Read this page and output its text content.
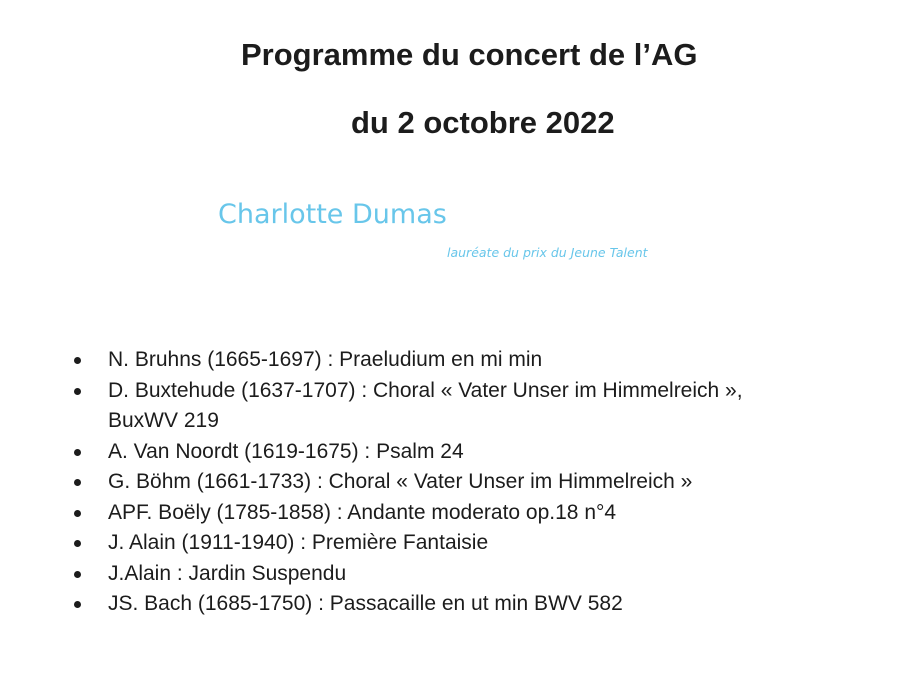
Programme du concert de l’AG
du 2 octobre 2022
Charlotte Dumas

lauréate du prix du Jeune Talent

N. Bruhns (1665-1697) : Praeludium en mi min
D. Buxtehude (1637-1707) : Choral « Vater Unser im Himmelreich »,
BuxWV 219
A. Van Noordt (1619-1675) : Psalm 24
G. Böhm (1661-1733) : Choral « Vater Unser im Himmelreich »
APF. Boëly (1785-1858) : Andante moderato op.18 n°4
J. Alain (1911-1940) : Première Fantaisie
J.Alain : Jardin Suspendu
JS. Bach (1685-1750) : Passacaille en ut min BWV 582
